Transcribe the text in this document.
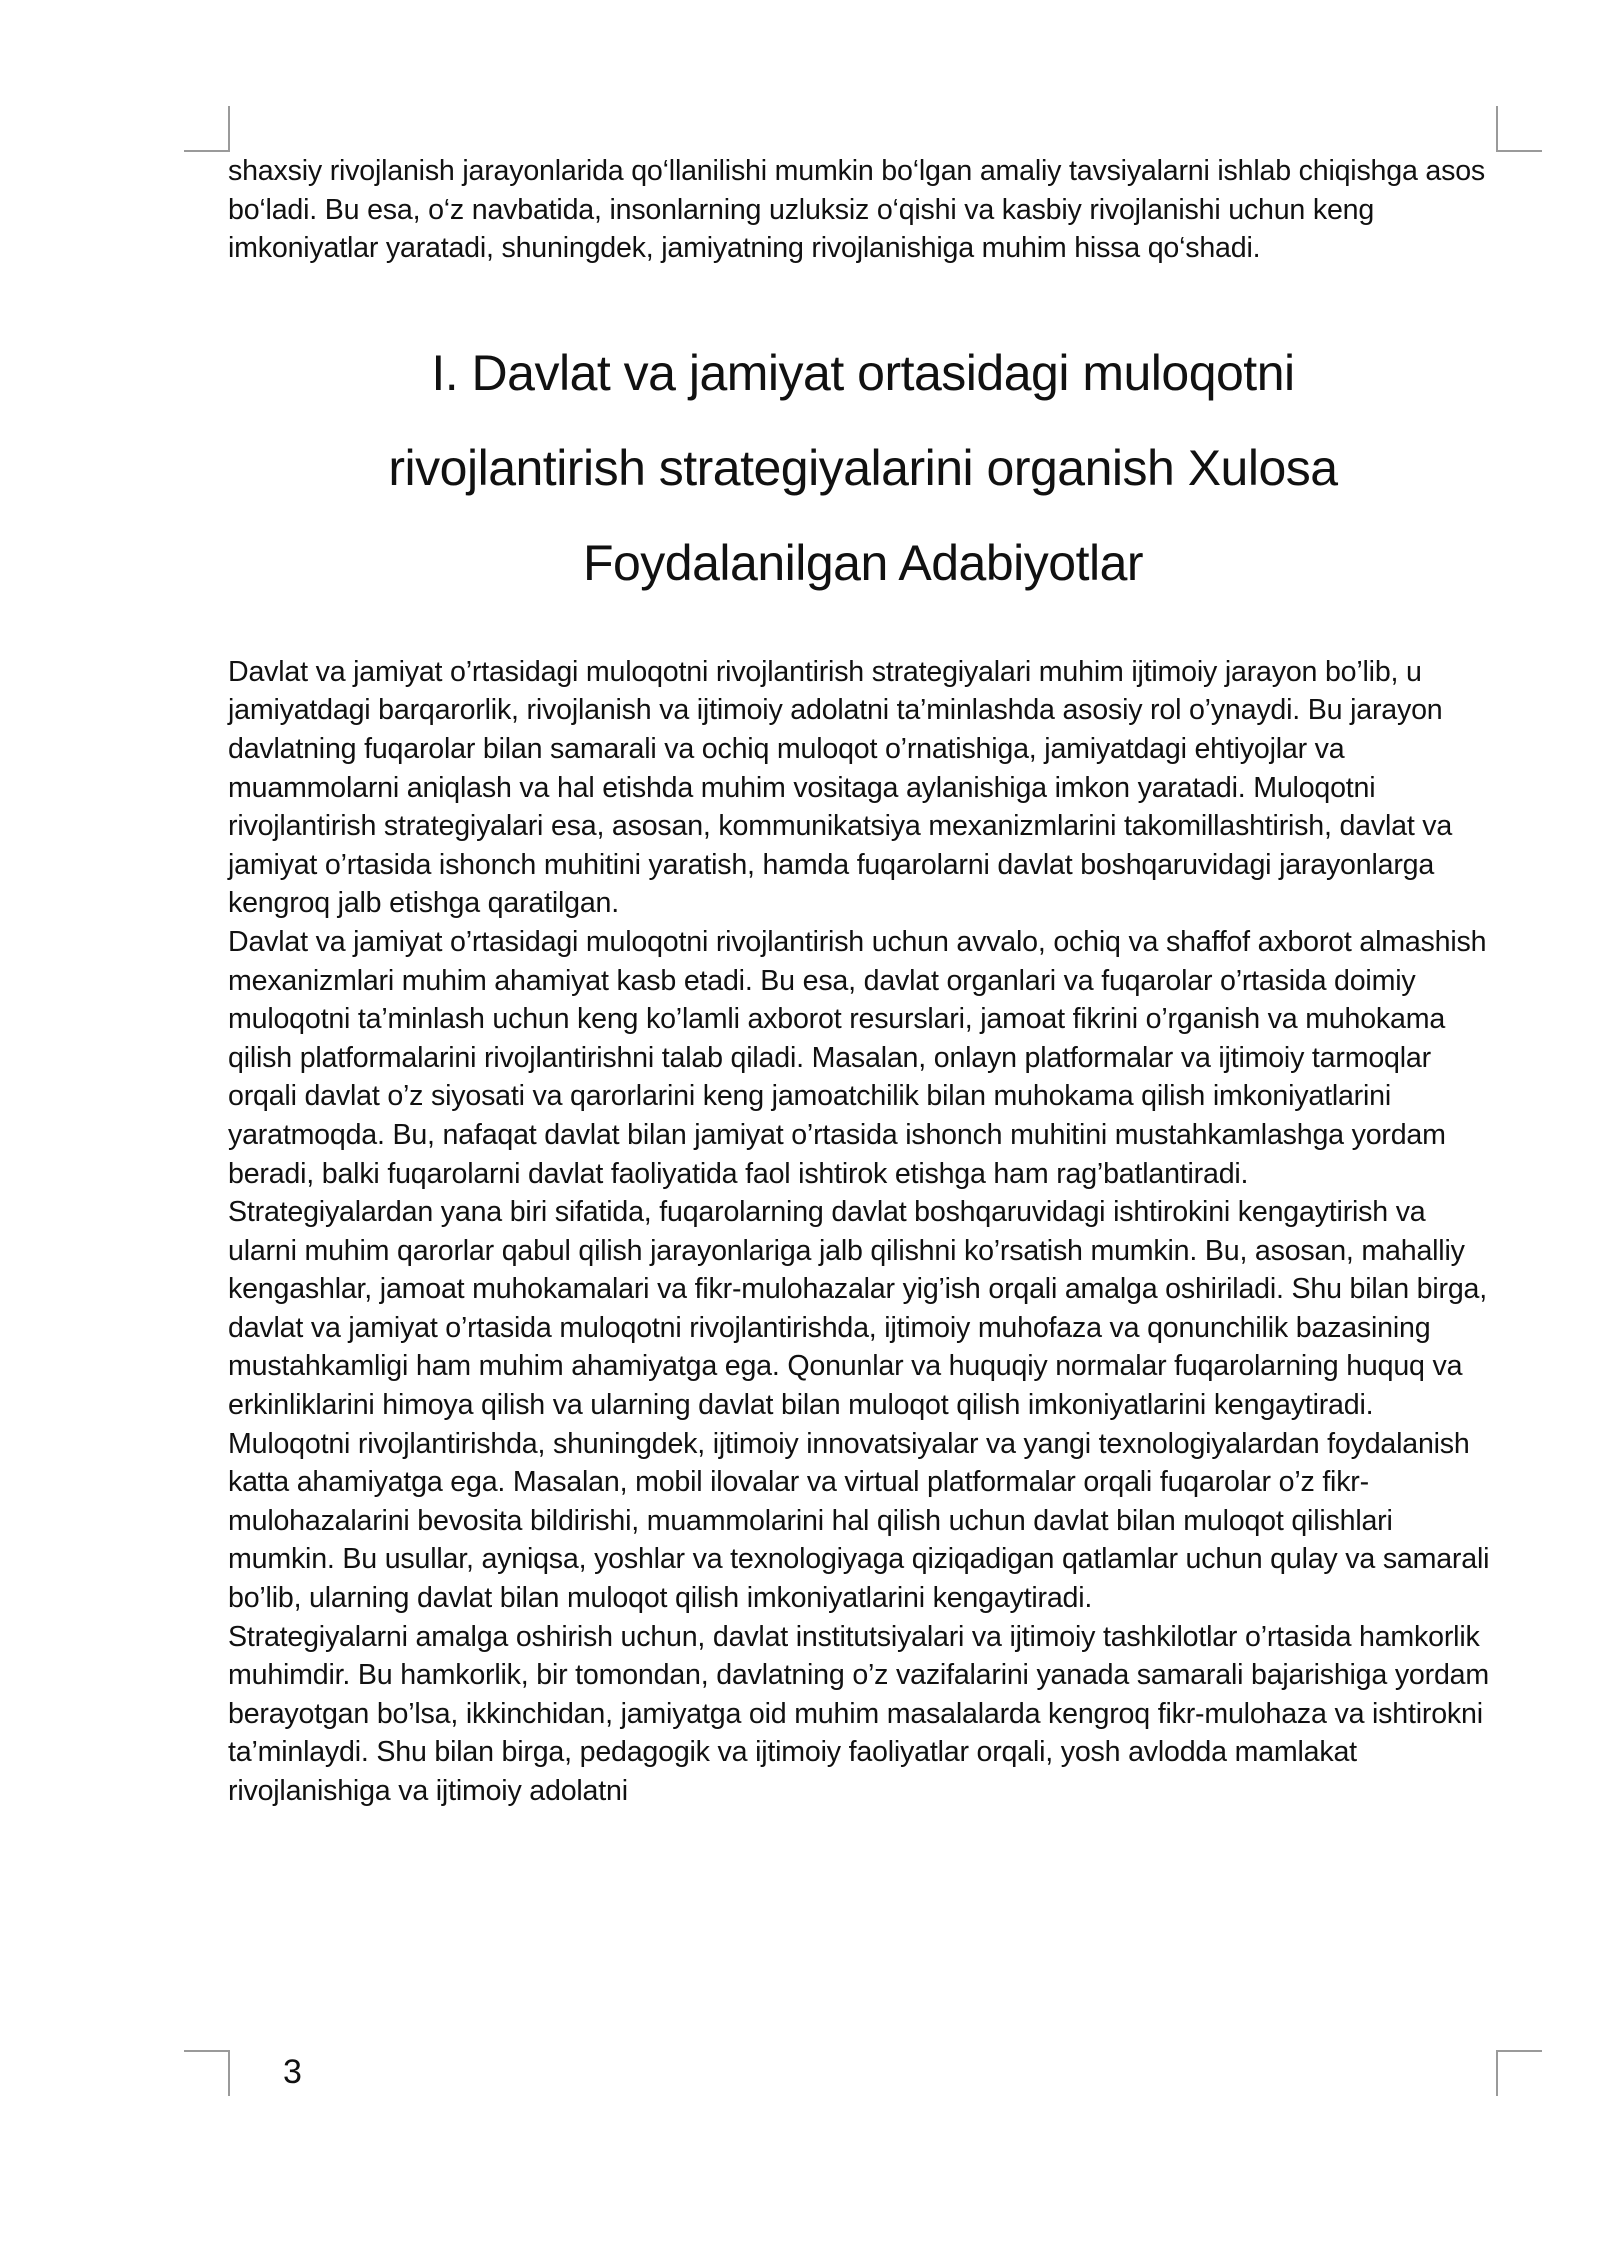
shaxsiy rivojlanish jarayonlarida qo‘llanilishi mumkin bo‘lgan amaliy tavsiyalarni ishlab chiqishga asos bo‘ladi. Bu esa, o‘z navbatida, insonlarning uzluksiz o‘qishi va kasbiy rivojlanishi uchun keng imkoniyatlar yaratadi, shuningdek, jamiyatning rivojlanishiga muhim hissa qo‘shadi.

I. Davlat va jamiyat ortasidagi muloqotni
rivojlantirish strategiyalarini organish Xulosa
Foydalanilgan Adabiyotlar

Davlat va jamiyat o’rtasidagi muloqotni rivojlantirish strategiyalari muhim ijtimoiy jarayon bo’lib, u jamiyatdagi barqarorlik, rivojlanish va ijtimoiy adolatni ta’minlashda asosiy rol o’ynaydi. Bu jarayon davlatning fuqarolar bilan samarali va ochiq muloqot o’rnatishiga, jamiyatdagi ehtiyojlar va muammolarni aniqlash va hal etishda muhim vositaga aylanishiga imkon yaratadi. Muloqotni rivojlantirish strategiyalari esa, asosan, kommunikatsiya mexanizmlarini takomillashtirish, davlat va jamiyat o’rtasida ishonch muhitini yaratish, hamda fuqarolarni davlat boshqaruvidagi jarayonlarga kengroq jalb etishga qaratilgan.

Davlat va jamiyat o’rtasidagi muloqotni rivojlantirish uchun avvalo, ochiq va shaffof axborot almashish mexanizmlari muhim ahamiyat kasb etadi. Bu esa, davlat organlari va fuqarolar o’rtasida doimiy muloqotni ta’minlash uchun keng ko’lamli axborot resurslari, jamoat fikrini o’rganish va muhokama qilish platformalarini rivojlantirishni talab qiladi. Masalan, onlayn platformalar va ijtimoiy tarmoqlar orqali davlat o’z siyosati va qarorlarini keng jamoatchilik bilan muhokama qilish imkoniyatlarini yaratmoqda. Bu, nafaqat davlat bilan jamiyat o’rtasida ishonch muhitini mustahkamlashga yordam beradi, balki fuqarolarni davlat faoliyatida faol ishtirok etishga ham rag’batlantiradi.

Strategiyalardan yana biri sifatida, fuqarolarning davlat boshqaruvidagi ishtirokini kengaytirish va ularni muhim qarorlar qabul qilish jarayonlariga jalb qilishni ko’rsatish mumkin. Bu, asosan, mahalliy kengashlar, jamoat muhokamalari va fikr-mulohazalar yig’ish orqali amalga oshiriladi. Shu bilan birga, davlat va jamiyat o’rtasida muloqotni rivojlantirishda, ijtimoiy muhofaza va qonunchilik bazasining mustahkamligi ham muhim ahamiyatga ega. Qonunlar va huquqiy normalar fuqarolarning huquq va erkinliklarini himoya qilish va ularning davlat bilan muloqot qilish imkoniyatlarini kengaytiradi.

Muloqotni rivojlantirishda, shuningdek, ijtimoiy innovatsiyalar va yangi texnologiyalardan foydalanish katta ahamiyatga ega. Masalan, mobil ilovalar va virtual platformalar orqali fuqarolar o’z fikr-mulohazalarini bevosita bildirishi, muammolarini hal qilish uchun davlat bilan muloqot qilishlari mumkin. Bu usullar, ayniqsa, yoshlar va texnologiyaga qiziqadigan qatlamlar uchun qulay va samarali bo’lib, ularning davlat bilan muloqot qilish imkoniyatlarini kengaytiradi.

Strategiyalarni amalga oshirish uchun, davlat institutsiyalari va ijtimoiy tashkilotlar o’rtasida hamkorlik muhimdir. Bu hamkorlik, bir tomondan, davlatning o’z vazifalarini yanada samarali bajarishiga yordam berayotgan bo’lsa, ikkinchidan, jamiyatga oid muhim masalalarda kengroq fikr-mulohaza va ishtirokni ta’minlaydi. Shu bilan birga, pedagogik va ijtimoiy faoliyatlar orqali, yosh avlodda mamlakat rivojlanishiga va ijtimoiy adolatni

3
